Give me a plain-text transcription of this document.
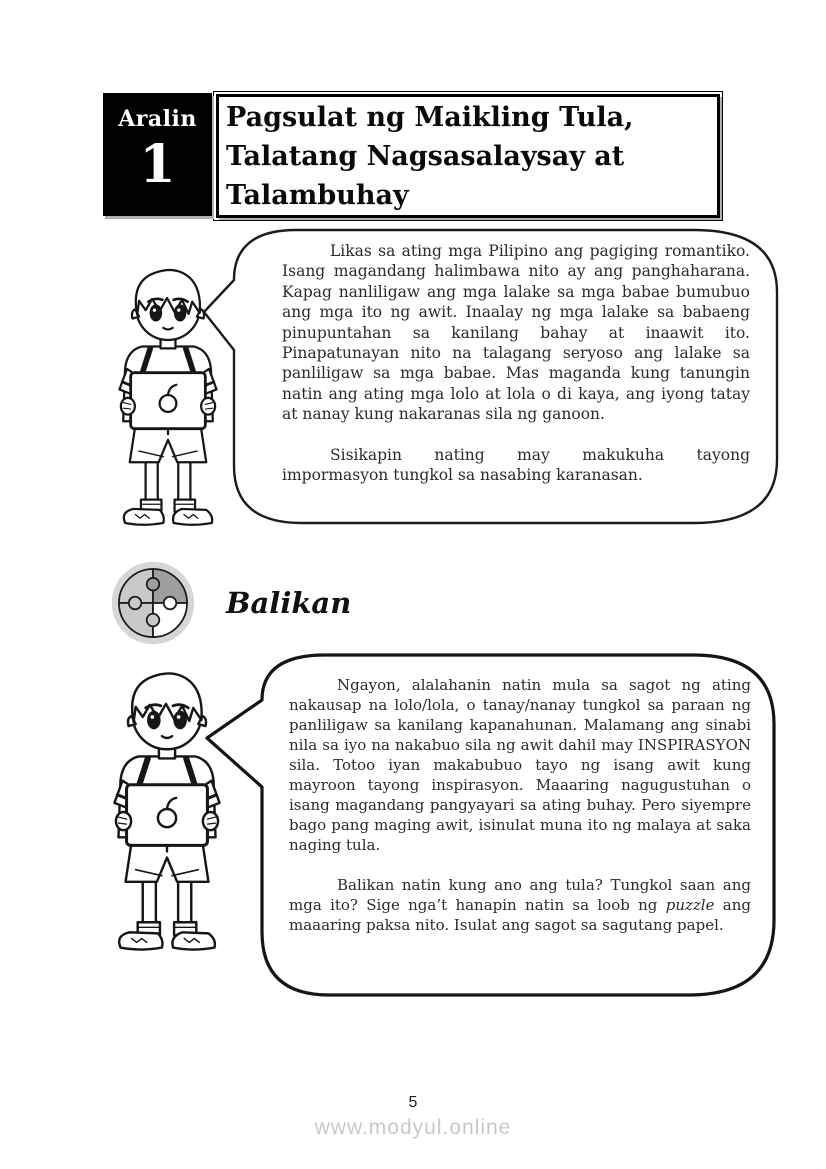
Aralin
1
Pagsulat ng Maikling Tula,
Talatang Nagsasalaysay at
Talambuhay

Likas sa ating mga Pilipino ang pagiging romantiko. Isang magandang halimbawa nito ay ang panghaharana. Kapag nanliligaw ang mga lalake sa mga babae bumubuo ang mga ito ng awit. Inaalay ng mga lalake sa babaeng pinupuntahan sa kanilang bahay at inaawit ito. Pinapatunayan nito na talagang seryoso ang lalake sa panliligaw sa mga babae. Mas maganda kung tanungin natin ang ating mga lolo at lola o di kaya, ang iyong tatay at nanay kung nakaranas sila ng ganoon.

Sisikapin nating may makukuha tayong impormasyon tungkol sa nasabing karanasan.

Balikan

Ngayon, alalahanin natin mula sa sagot ng ating nakausap na lolo/lola, o tanay/nanay tungkol sa paraan ng panliligaw sa kanilang kapanahunan. Malamang ang sinabi nila sa iyo na nakabuo sila ng awit dahil may INSPIRASYON sila. Totoo iyan makabubuo tayo ng isang awit kung mayroon tayong inspirasyon. Maaaring nagugustuhan o isang magandang pangyayari sa ating buhay. Pero siyempre bago pang maging awit, isinulat muna ito ng malaya at saka naging tula.

Balikan natin kung ano ang tula? Tungkol saan ang mga ito? Sige nga’t hanapin natin sa loob ng puzzle ang maaaring paksa nito. Isulat ang sagot sa sagutang papel.

5
www.modyul.online
